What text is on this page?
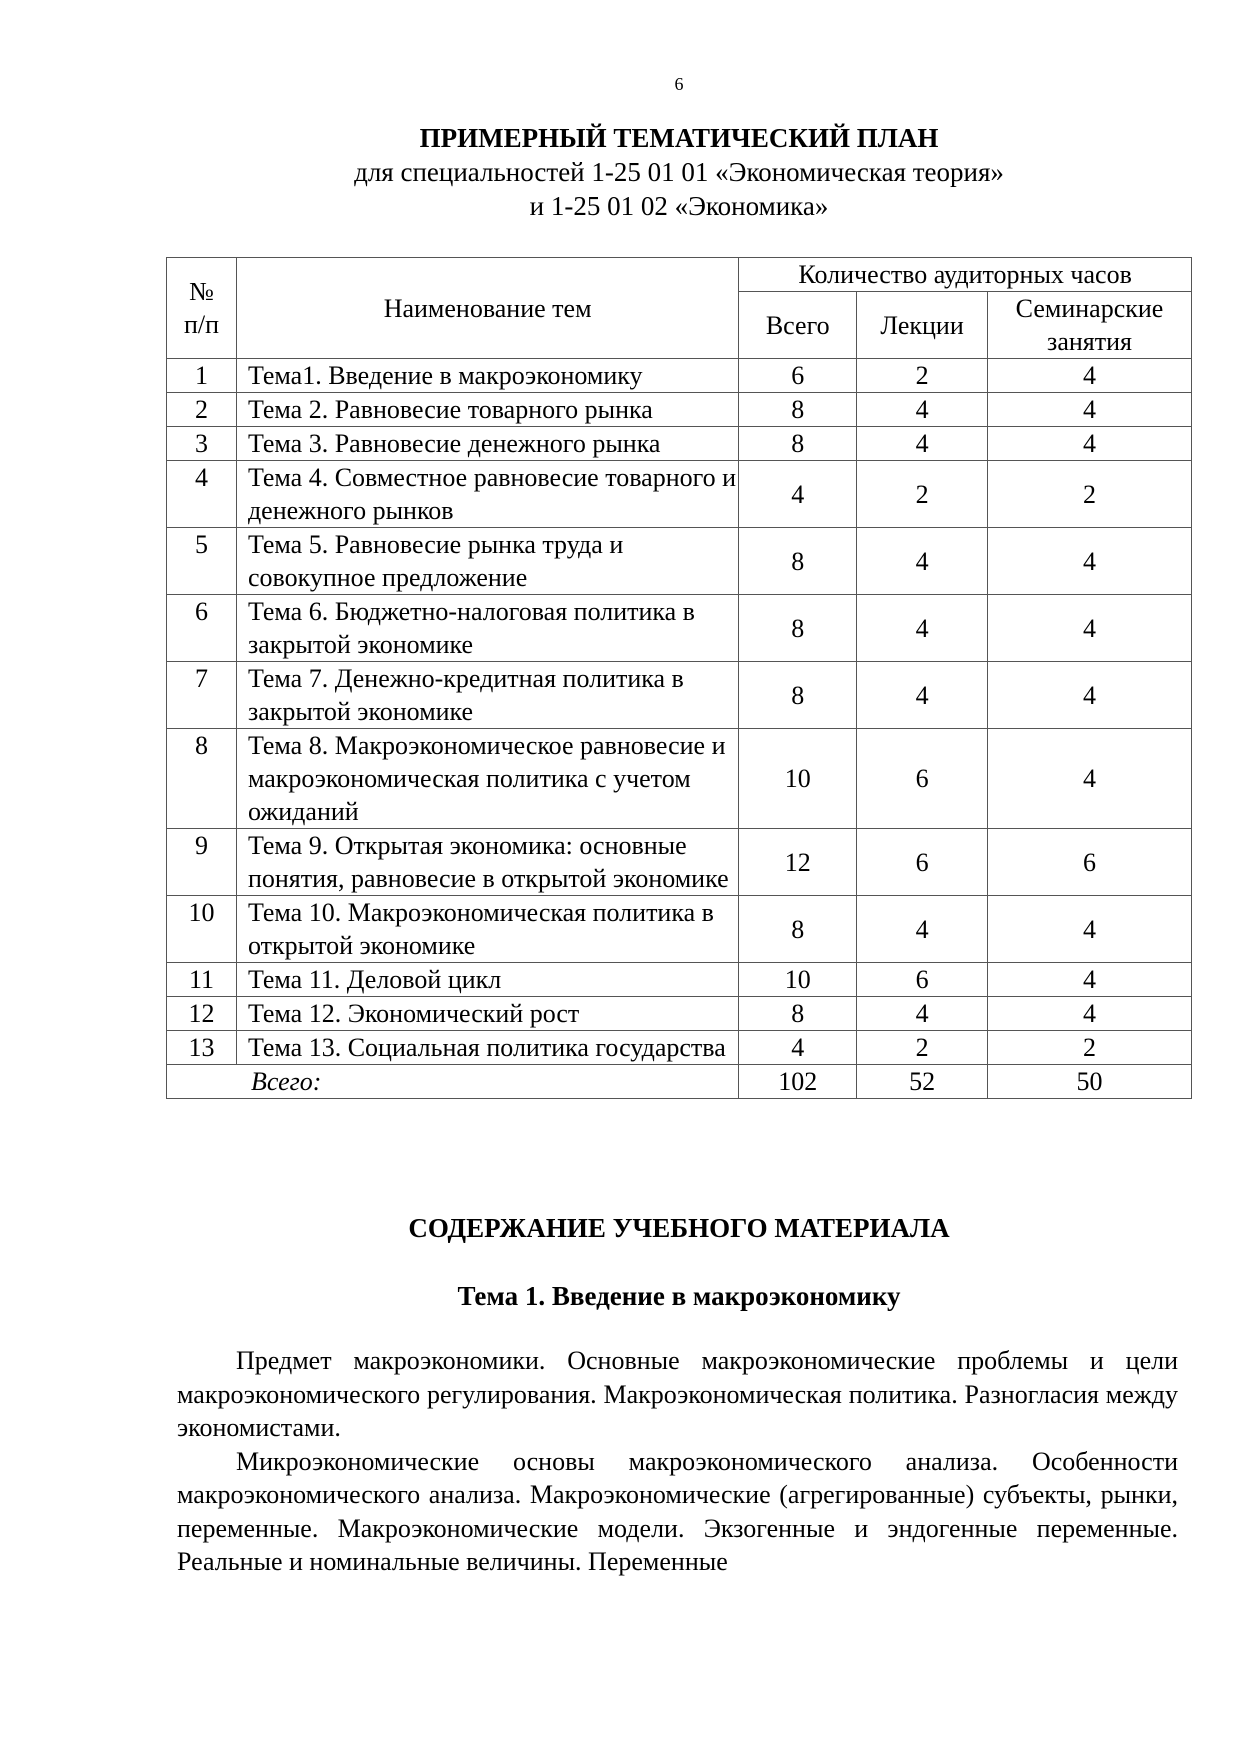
6
ПРИМЕРНЫЙ ТЕМАТИЧЕСКИЙ ПЛАН
для специальностей 1-25 01 01 «Экономическая теория»
и 1-25 01 02 «Экономика»
№ п/п	Наименование тем	Количество аудиторных часов		
		Всего	Лекции	Семинарские занятия
1	Тема1. Введение в макроэкономику	6	2	4
2	Тема 2. Равновесие товарного рынка	8	4	4
3	Тема 3. Равновесие денежного рынка	8	4	4
4	Тема 4. Совместное равновесие товарного и денежного рынков	4	2	2
5	Тема 5. Равновесие рынка труда и совокупное предложение	8	4	4
6	Тема 6. Бюджетно-налоговая политика в закрытой экономике	8	4	4
7	Тема 7. Денежно-кредитная политика в закрытой экономике	8	4	4
8	Тема 8. Макроэкономическое равновесие и макроэкономическая политика с учетом ожиданий	10	6	4
9	Тема 9. Открытая экономика: основные понятия, равновесие в открытой экономике	12	6	6
10	Тема 10. Макроэкономическая политика в открытой экономике	8	4	4
11	Тема 11. Деловой цикл	10	6	4
12	Тема 12. Экономический рост	8	4	4
13	Тема 13. Социальная политика государства	4	2	2
Всего:		102	52	50
СОДЕРЖАНИЕ УЧЕБНОГО МАТЕРИАЛА
Тема 1. Введение в макроэкономику

Предмет макроэкономики. Основные макроэкономические проблемы и цели макроэкономического регулирования. Макроэкономическая политика. Разногласия между экономистами.

Микроэкономические основы макроэкономического анализа. Особенности макроэкономического анализа. Макроэкономические (агрегированные) субъекты, рынки, переменные. Макроэкономические модели. Экзогенные и эндогенные переменные. Реальные и номинальные величины. Переменные
